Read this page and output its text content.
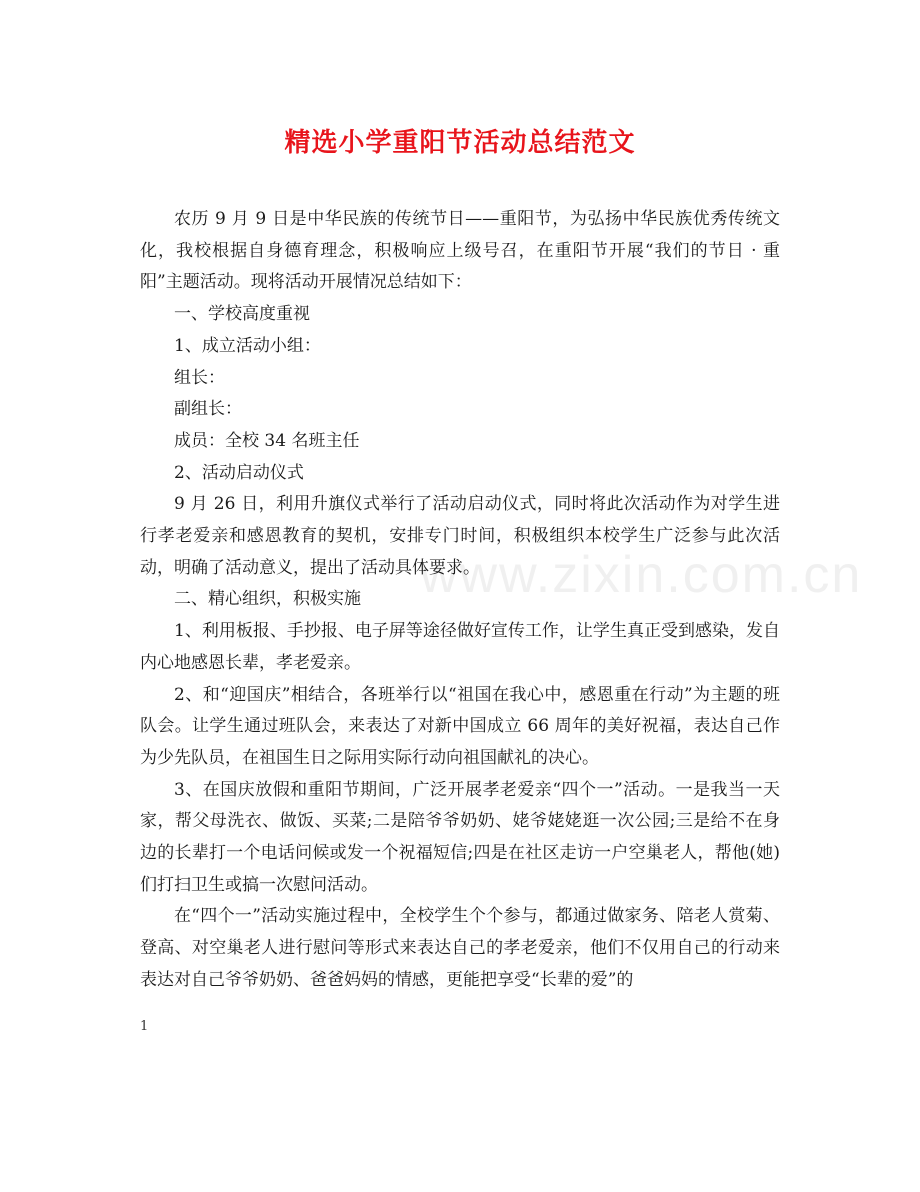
精选小学重阳节活动总结范文
www.zixin.com.cn

农历 9 月 9 日是中华民族的传统节日——重阳节，为弘扬中华民族优秀传统文化，我校根据自身德育理念，积极响应上级号召，在重阳节开展“我们的节日 · 重阳”主题活动。现将活动开展情况总结如下：

一、学校高度重视

1、成立活动小组：

组长：

副组长：

成员：全校 34 名班主任

2、活动启动仪式

9 月 26 日，利用升旗仪式举行了活动启动仪式，同时将此次活动作为对学生进行孝老爱亲和感恩教育的契机，安排专门时间，积极组织本校学生广泛参与此次活动，明确了活动意义，提出了活动具体要求。

二、精心组织，积极实施

1、利用板报、手抄报、电子屏等途径做好宣传工作，让学生真正受到感染，发自内心地感恩长辈，孝老爱亲。

2、和“迎国庆”相结合，各班举行以“祖国在我心中，感恩重在行动”为主题的班队会。让学生通过班队会，来表达了对新中国成立 66 周年的美好祝福，表达自己作为少先队员，在祖国生日之际用实际行动向祖国献礼的决心。

3、在国庆放假和重阳节期间，广泛开展孝老爱亲“四个一”活动。一是我当一天家，帮父母洗衣、做饭、买菜;二是陪爷爷奶奶、姥爷姥姥逛一次公园;三是给不在身边的长辈打一个电话问候或发一个祝福短信;四是在社区走访一户空巢老人，帮他(她)们打扫卫生或搞一次慰问活动。

在“四个一”活动实施过程中，全校学生个个参与，都通过做家务、陪老人赏菊、登高、对空巢老人进行慰问等形式来表达自己的孝老爱亲，他们不仅用自己的行动来表达对自己爷爷奶奶、爸爸妈妈的情感，更能把享受“长辈的爱”的

1
